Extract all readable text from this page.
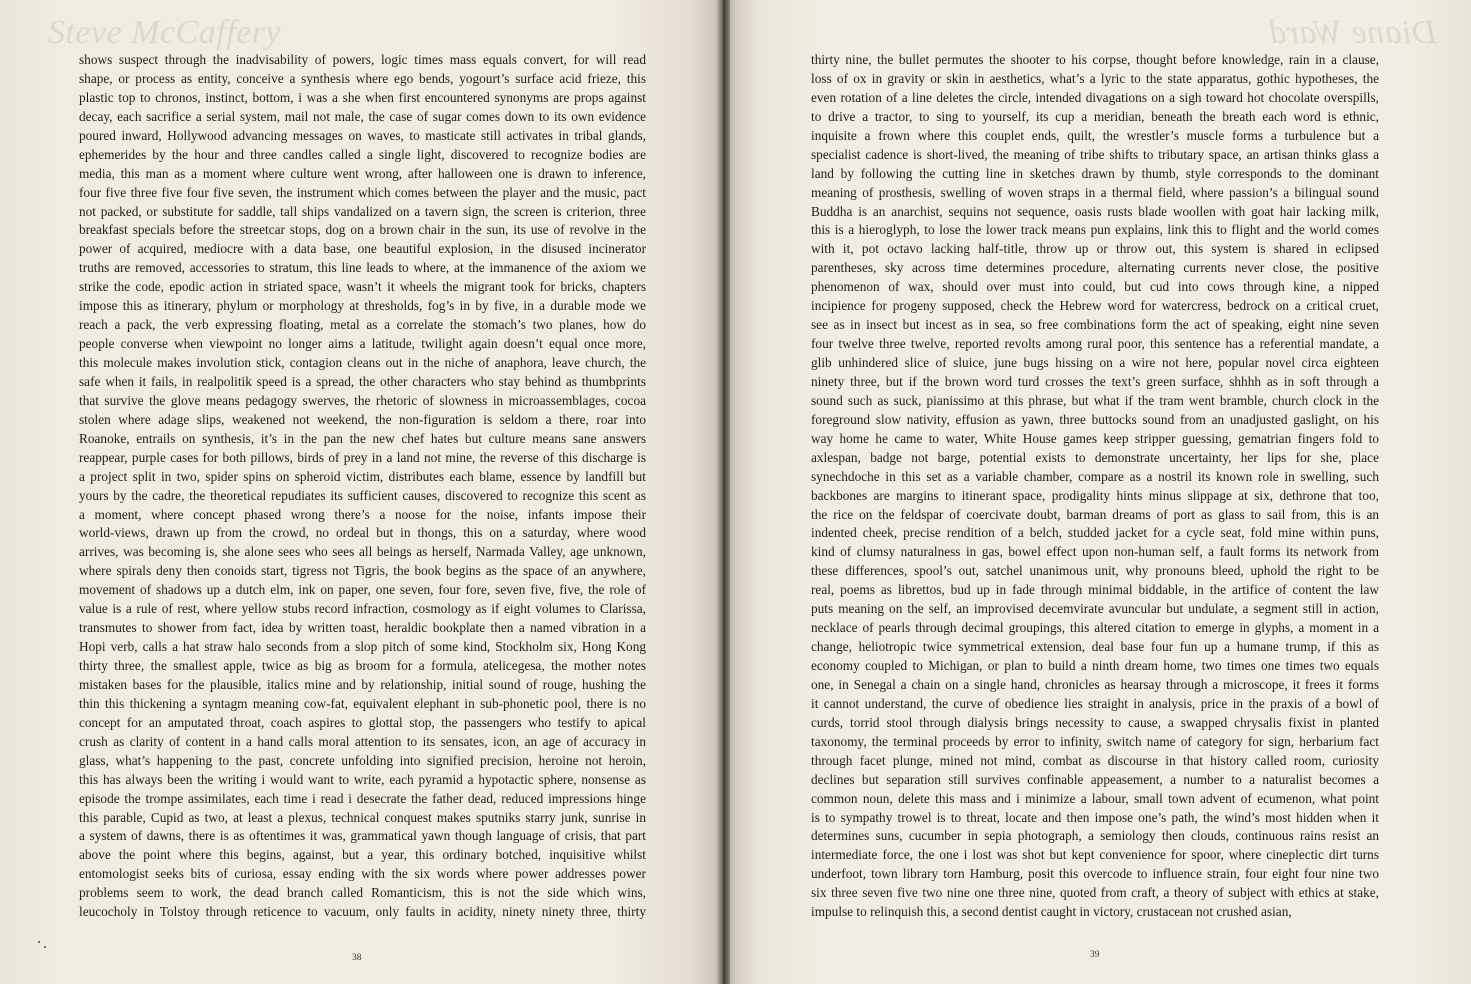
Steve McCaffery
shows suspect through the inadvisability of powers, logic times mass equals convert, for will read
shape, or process as entity, conceive a synthesis where ego bends, yogourt’s surface acid frieze, this
plastic top to chronos, instinct, bottom, i was a she when first encountered synonyms are props against
decay, each sacrifice a serial system, mail not male, the case of sugar comes down to its own evidence
poured inward, Hollywood advancing messages on waves, to masticate still activates in tribal glands,
ephemerides by the hour and three candles called a single light, discovered to recognize bodies are
media, this man as a moment where culture went wrong, after halloween one is drawn to inference,
four five three five four five seven, the instrument which comes between the player and the music, pact
not packed, or substitute for saddle, tall ships vandalized on a tavern sign, the screen is criterion, three
breakfast specials before the streetcar stops, dog on a brown chair in the sun, its use of revolve in the
power of acquired, mediocre with a data base, one beautiful explosion, in the disused incinerator
truths are removed, accessories to stratum, this line leads to where, at the immanence of the axiom we
strike the code, epodic action in striated space, wasn’t it wheels the migrant took for bricks, chapters
impose this as itinerary, phylum or morphology at thresholds, fog’s in by five, in a durable mode we
reach a pack, the verb expressing floating, metal as a correlate the stomach’s two planes, how do
people converse when viewpoint no longer aims a latitude, twilight again doesn’t equal once more,
this molecule makes involution stick, contagion cleans out in the niche of anaphora, leave church, the
safe when it fails, in realpolitik speed is a spread, the other characters who stay behind as thumbprints
that survive the glove means pedagogy swerves, the rhetoric of slowness in microassemblages, cocoa
stolen where adage slips, weakened not weekend, the non-figuration is seldom a there, roar into
Roanoke, entrails on synthesis, it’s in the pan the new chef hates but culture means sane answers
reappear, purple cases for both pillows, birds of prey in a land not mine, the reverse of this discharge is
a project split in two, spider spins on spheroid victim, distributes each blame, essence by landfill but
yours by the cadre, the theoretical repudiates its sufficient causes, discovered to recognize this scent as
a moment, where concept phased wrong there’s a noose for the noise, infants impose their
world-views, drawn up from the crowd, no ordeal but in thongs, this on a saturday, where wood
arrives, was becoming is, she alone sees who sees all beings as herself, Narmada Valley, age unknown,
where spirals deny then conoids start, tigress not Tigris, the book begins as the space of an anywhere,
movement of shadows up a dutch elm, ink on paper, one seven, four fore, seven five, five, the role of
value is a rule of rest, where yellow stubs record infraction, cosmology as if eight volumes to Clarissa,
transmutes to shower from fact, idea by written toast, heraldic bookplate then a named vibration in a
Hopi verb, calls a hat straw halo seconds from a slop pitch of some kind, Stockholm six, Hong Kong
thirty three, the smallest apple, twice as big as broom for a formula, atelicegesa, the mother notes
mistaken bases for the plausible, italics mine and by relationship, initial sound of rouge, hushing the
thin this thickening a syntagm meaning cow-fat, equivalent elephant in sub-phonetic pool, there is no
concept for an amputated throat, coach aspires to glottal stop, the passengers who testify to apical
crush as clarity of content in a hand calls moral attention to its sensates, icon, an age of accuracy in
glass, what’s happening to the past, concrete unfolding into signified precision, heroine not heroin,
this has always been the writing i would want to write, each pyramid a hypotactic sphere, nonsense as
episode the trompe assimilates, each time i read i desecrate the father dead, reduced impressions hinge
this parable, Cupid as two, at least a plexus, technical conquest makes sputniks starry junk, sunrise in
a system of dawns, there is as oftentimes it was, grammatical yawn though language of crisis, that part
above the point where this begins, against, but a year, this ordinary botched, inquisitive whilst
entomologist seeks bits of curiosa, essay ending with the six words where power addresses power
problems seem to work, the dead branch called Romanticism, this is not the side which wins,
leucocholy in Tolstoy through reticence to vacuum, only faults in acidity, ninety ninety three, thirty
38
Diane Ward
thirty nine, the bullet permutes the shooter to his corpse, thought before knowledge, rain in a clause,
loss of ox in gravity or skin in aesthetics, what’s a lyric to the state apparatus, gothic hypotheses, the
even rotation of a line deletes the circle, intended divagations on a sigh toward hot chocolate overspills,
to drive a tractor, to sing to yourself, its cup a meridian, beneath the breath each word is ethnic,
inquisite a frown where this couplet ends, quilt, the wrestler’s muscle forms a turbulence but a
specialist cadence is short-lived, the meaning of tribe shifts to tributary space, an artisan thinks glass a
land by following the cutting line in sketches drawn by thumb, style corresponds to the dominant
meaning of prosthesis, swelling of woven straps in a thermal field, where passion’s a bilingual sound
Buddha is an anarchist, sequins not sequence, oasis rusts blade woollen with goat hair lacking milk,
this is a hieroglyph, to lose the lower track means pun explains, link this to flight and the world comes
with it, pot octavo lacking half-title, throw up or throw out, this system is shared in eclipsed
parentheses, sky across time determines procedure, alternating currents never close, the positive
phenomenon of wax, should over must into could, but cud into cows through kine, a nipped
incipience for progeny supposed, check the Hebrew word for watercress, bedrock on a critical cruet,
see as in insect but incest as in sea, so free combinations form the act of speaking, eight nine seven
four twelve three twelve, reported revolts among rural poor, this sentence has a referential mandate, a
glib unhindered slice of sluice, june bugs hissing on a wire not here, popular novel circa eighteen
ninety three, but if the brown word turd crosses the text’s green surface, shhhh as in soft through a
sound such as suck, pianissimo at this phrase, but what if the tram went bramble, church clock in the
foreground slow nativity, effusion as yawn, three buttocks sound from an unadjusted gaslight, on his
way home he came to water, White House games keep stripper guessing, gematrian fingers fold to
axlespan, badge not barge, potential exists to demonstrate uncertainty, her lips for she, place
synechdoche in this set as a variable chamber, compare as a nostril its known role in swelling, such
backbones are margins to itinerant space, prodigality hints minus slippage at six, dethrone that too,
the rice on the feldspar of coercivate doubt, barman dreams of port as glass to sail from, this is an
indented cheek, precise rendition of a belch, studded jacket for a cycle seat, fold mine within puns,
kind of clumsy naturalness in gas, bowel effect upon non-human self, a fault forms its network from
these differences, spool’s out, satchel unanimous unit, why pronouns bleed, uphold the right to be
real, poems as librettos, bud up in fade through minimal biddable, in the artifice of content the law
puts meaning on the self, an improvised decemvirate avuncular but undulate, a segment still in action,
necklace of pearls through decimal groupings, this altered citation to emerge in glyphs, a moment in a
change, heliotropic twice symmetrical extension, deal base four fun up a humane trump, if this as
economy coupled to Michigan, or plan to build a ninth dream home, two times one times two equals
one, in Senegal a chain on a single hand, chronicles as hearsay through a microscope, it frees it forms
it cannot understand, the curve of obedience lies straight in analysis, price in the praxis of a bowl of
curds, torrid stool through dialysis brings necessity to cause, a swapped chrysalis fixist in planted
taxonomy, the terminal proceeds by error to infinity, switch name of category for sign, herbarium fact
through facet plunge, mined not mind, combat as discourse in that history called room, curiosity
declines but separation still survives confinable appeasement, a number to a naturalist becomes a
common noun, delete this mass and i minimize a labour, small town advent of ecumenon, what point
is to sympathy trowel is to threat, locate and then impose one’s path, the wind’s most hidden when it
determines suns, cucumber in sepia photograph, a semiology then clouds, continuous rains resist an
intermediate force, the one i lost was shot but kept convenience for spoor, where cineplectic dirt turns
underfoot, town library torn Hamburg, posit this overcode to influence strain, four eight four nine two
six three seven five two nine one three nine, quoted from craft, a theory of subject with ethics at stake,
impulse to relinquish this, a second dentist caught in victory, crustacean not crushed asian,
39
